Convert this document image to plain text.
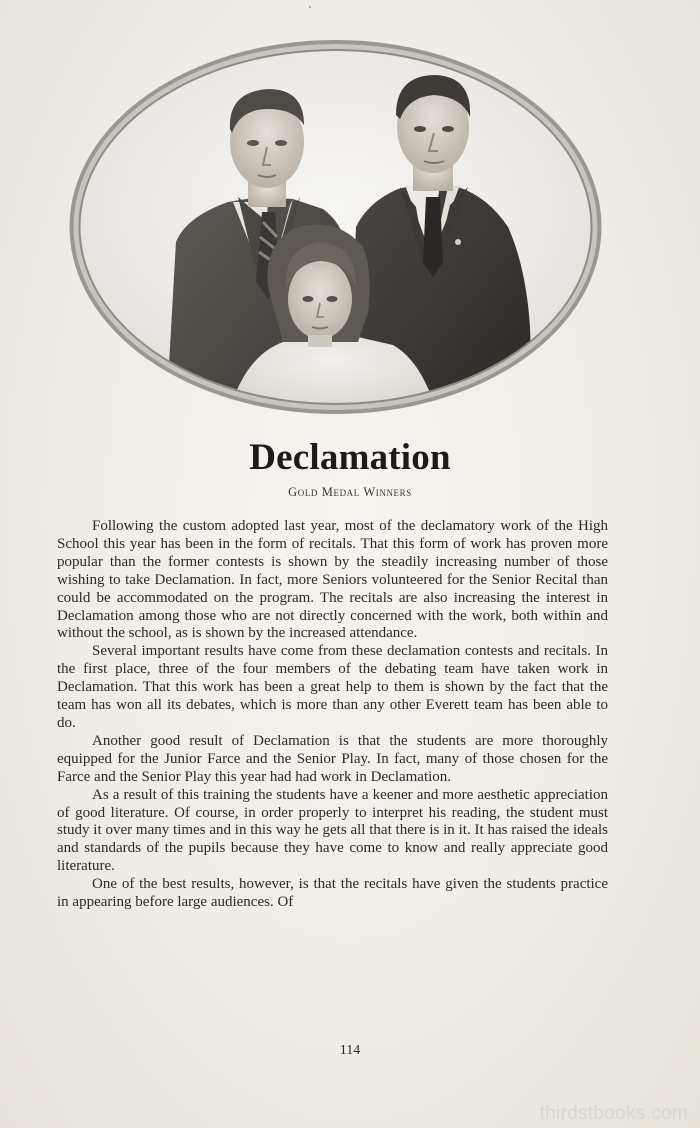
Declamation
Gold Medal Winners

Following the custom adopted last year, most of the declamatory work of the High School this year has been in the form of recitals. That this form of work has proven more popular than the former contests is shown by the steadily increasing number of those wishing to take Declamation. In fact, more Seniors volunteered for the Senior Recital than could be accommodated on the program. The recitals are also increasing the interest in Declamation among those who are not directly concerned with the work, both within and without the school, as is shown by the increased attendance.

Several important results have come from these declamation contests and recitals. In the first place, three of the four members of the debating team have taken work in Declamation. That this work has been a great help to them is shown by the fact that the team has won all its debates, which is more than any other Everett team has been able to do.

Another good result of Declamation is that the students are more thoroughly equipped for the Junior Farce and the Senior Play. In fact, many of those chosen for the Farce and the Senior Play this year had had work in Declamation.

As a result of this training the students have a keener and more aesthetic appreciation of good literature. Of course, in order properly to interpret his reading, the student must study it over many times and in this way he gets all that there is in it. It has raised the ideals and standards of the pupils because they have come to know and really appreciate good literature.

One of the best results, however, is that the recitals have given the students practice in appearing before large audiences. Of

114
thirdstbooks.com
